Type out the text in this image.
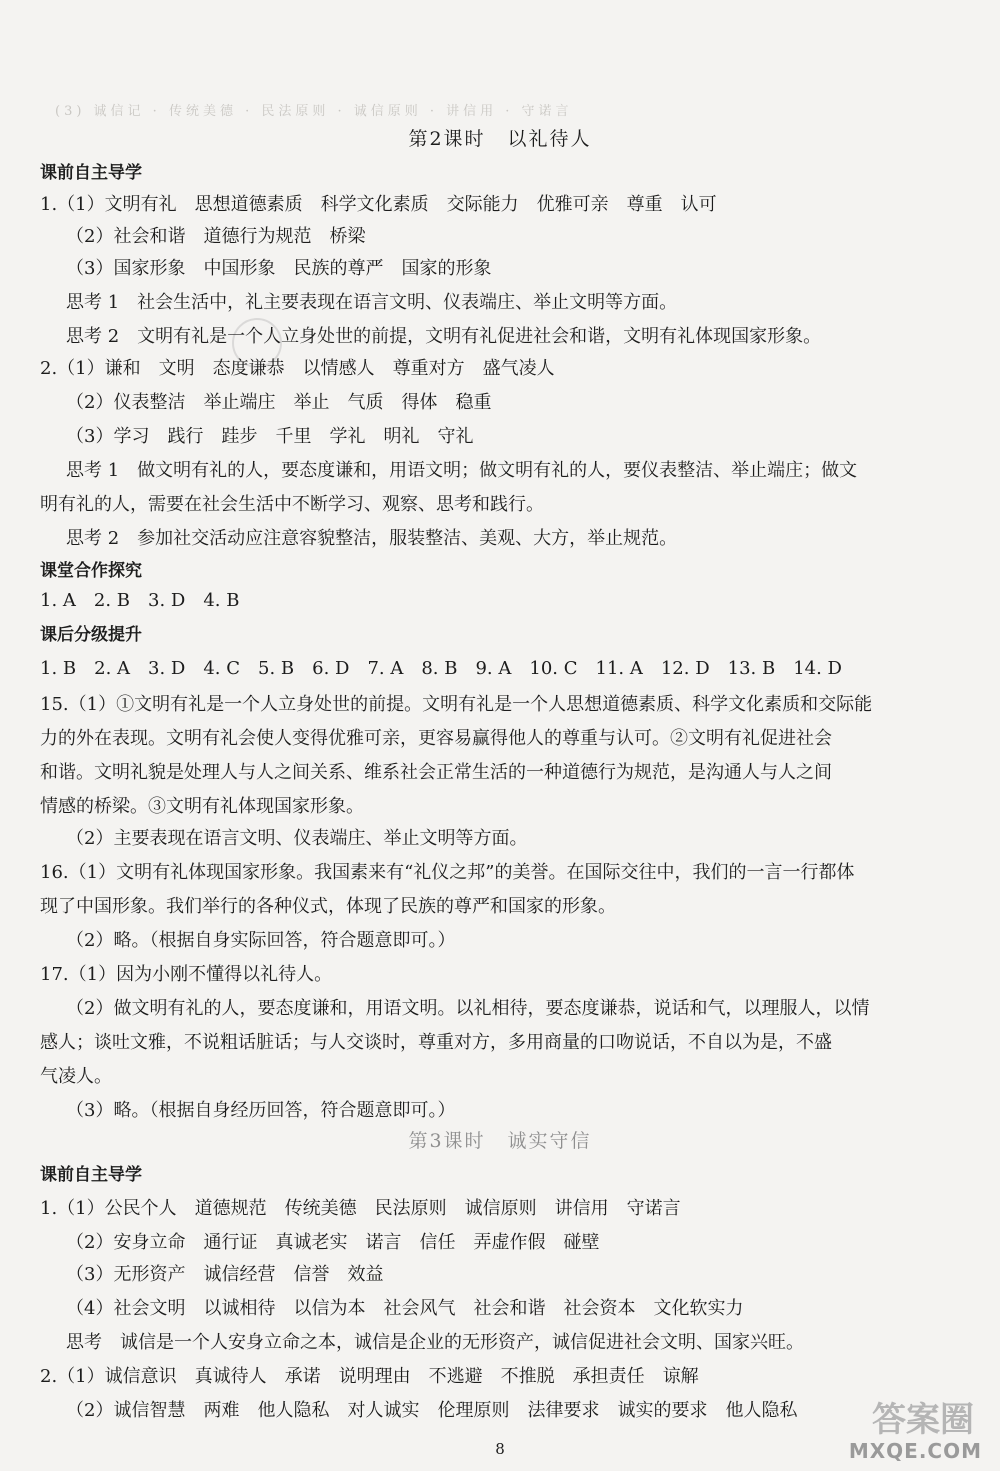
(3) 诚信记 · 传统美德 · 民法原则 · 诚信原则 · 讲信用 · 守诺言
第2课时 以礼待人
课前自主导学
1.（1）文明有礼　思想道德素质　科学文化素质　交际能力　优雅可亲　尊重　认可
（2）社会和谐　道德行为规范　桥梁
（3）国家形象　中国形象　民族的尊严　国家的形象
思考 1　社会生活中，礼主要表现在语言文明、仪表端庄、举止文明等方面。
思考 2　文明有礼是一个人立身处世的前提，文明有礼促进社会和谐，文明有礼体现国家形象。
2.（1）谦和　文明　态度谦恭　以情感人　尊重对方　盛气凌人
（2）仪表整洁　举止端庄　举止　气质　得体　稳重
（3）学习　践行　跬步　千里　学礼　明礼　守礼
思考 1　做文明有礼的人，要态度谦和，用语文明；做文明有礼的人，要仪表整洁、举止端庄；做文
明有礼的人，需要在社会生活中不断学习、观察、思考和践行。
思考 2　参加社交活动应注意容貌整洁，服装整洁、美观、大方，举止规范。
课堂合作探究
1. A　2. B　3. D　4. B
课后分级提升
1. B　2. A　3. D　4. C　5. B　6. D　7. A　8. B　9. A　10. C　11. A　12. D　13. B　14. D
15.（1）①文明有礼是一个人立身处世的前提。文明有礼是一个人思想道德素质、科学文化素质和交际能
力的外在表现。文明有礼会使人变得优雅可亲，更容易赢得他人的尊重与认可。②文明有礼促进社会
和谐。文明礼貌是处理人与人之间关系、维系社会正常生活的一种道德行为规范，是沟通人与人之间
情感的桥梁。③文明有礼体现国家形象。
（2）主要表现在语言文明、仪表端庄、举止文明等方面。
16.（1）文明有礼体现国家形象。我国素来有“礼仪之邦”的美誉。在国际交往中，我们的一言一行都体
现了中国形象。我们举行的各种仪式，体现了民族的尊严和国家的形象。
（2）略。（根据自身实际回答，符合题意即可。）
17.（1）因为小刚不懂得以礼待人。
（2）做文明有礼的人，要态度谦和，用语文明。以礼相待，要态度谦恭，说话和气，以理服人，以情
感人；谈吐文雅，不说粗话脏话；与人交谈时，尊重对方，多用商量的口吻说话，不自以为是，不盛
气凌人。
（3）略。（根据自身经历回答，符合题意即可。）
第3课时 诚实守信
课前自主导学
1.（1）公民个人　道德规范　传统美德　民法原则　诚信原则　讲信用　守诺言
（2）安身立命　通行证　真诚老实　诺言　信任　弄虚作假　碰壁
（3）无形资产　诚信经营　信誉　效益
（4）社会文明　以诚相待　以信为本　社会风气　社会和谐　社会资本　文化软实力
思考　诚信是一个人安身立命之本，诚信是企业的无形资产，诚信促进社会文明、国家兴旺。
2.（1）诚信意识　真诚待人　承诺　说明理由　不逃避　不推脱　承担责任　谅解
（2）诚信智慧　两难　他人隐私　对人诚实　伦理原则　法律要求　诚实的要求　他人隐私
8
答案圈
MXQE.COM
